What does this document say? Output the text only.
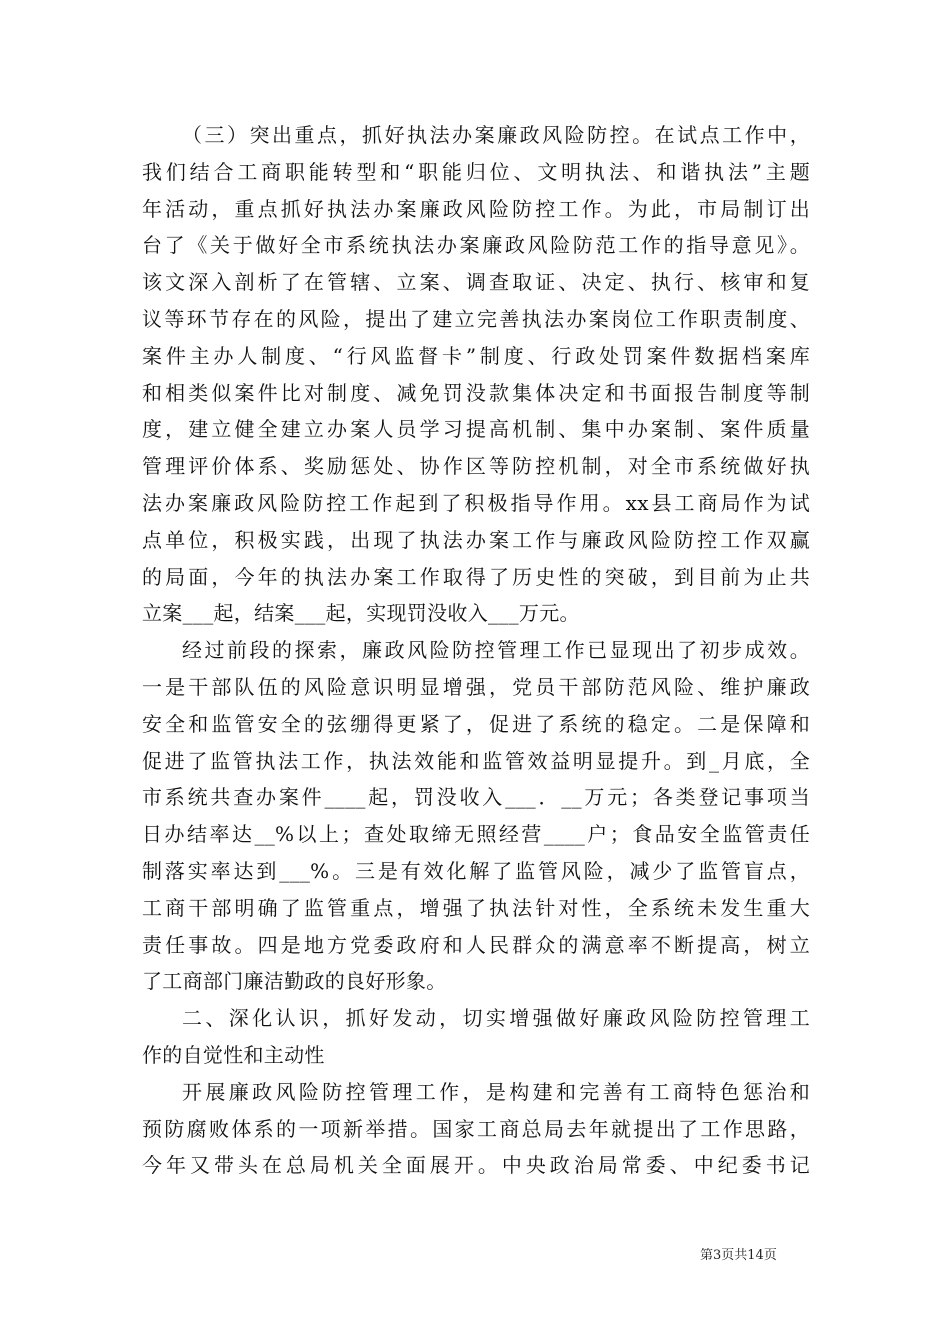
（三）突出重点，抓好执法办案廉政风险防控。在试点工作中，
我们结合工商职能转型和“职能归位、文明执法、和谐执法”主题
年活动，重点抓好执法办案廉政风险防控工作。为此，市局制订出
台了《关于做好全市系统执法办案廉政风险防范工作的指导意见》。
该文深入剖析了在管辖、立案、调查取证、决定、执行、核审和复
议等环节存在的风险，提出了建立完善执法办案岗位工作职责制度、
案件主办人制度、“行风监督卡”制度、行政处罚案件数据档案库
和相类似案件比对制度、减免罚没款集体决定和书面报告制度等制
度，建立健全建立办案人员学习提高机制、集中办案制、案件质量
管理评价体系、奖励惩处、协作区等防控机制，对全市系统做好执
法办案廉政风险防控工作起到了积极指导作用。xx县工商局作为试
点单位，积极实践，出现了执法办案工作与廉政风险防控工作双赢
的局面，今年的执法办案工作取得了历史性的突破，到目前为止共
立案___起，结案___起，实现罚没收入___万元。
经过前段的探索，廉政风险防控管理工作已显现出了初步成效。
一是干部队伍的风险意识明显增强，党员干部防范风险、维护廉政
安全和监管安全的弦绷得更紧了，促进了系统的稳定。二是保障和
促进了监管执法工作，执法效能和监管效益明显提升。到_月底，全
市系统共查办案件____起，罚没收入___．__万元；各类登记事项当
日办结率达__%以上；查处取缔无照经营____户；食品安全监管责任
制落实率达到___%。三是有效化解了监管风险，减少了监管盲点，
工商干部明确了监管重点，增强了执法针对性，全系统未发生重大
责任事故。四是地方党委政府和人民群众的满意率不断提高，树立
了工商部门廉洁勤政的良好形象。
二、深化认识，抓好发动，切实增强做好廉政风险防控管理工
作的自觉性和主动性
开展廉政风险防控管理工作，是构建和完善有工商特色惩治和
预防腐败体系的一项新举措。国家工商总局去年就提出了工作思路，
今年又带头在总局机关全面展开。中央政治局常委、中纪委书记
第3页共14页
